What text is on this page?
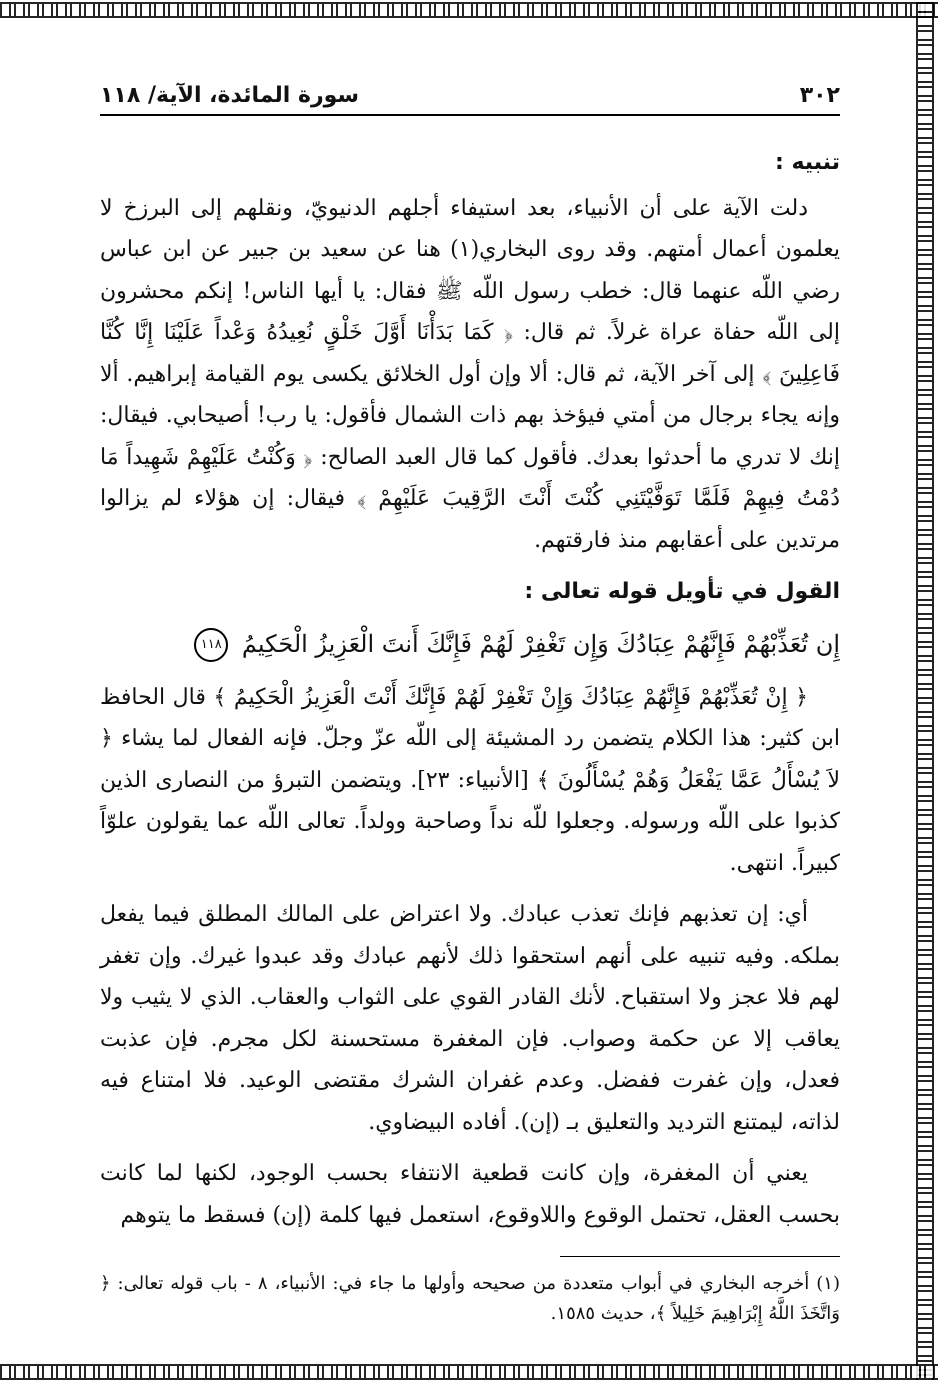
٣٠٢
سورة المائدة، الآية/ ١١٨
تنبيه :

دلت الآية على أن الأنبياء، بعد استيفاء أجلهم الدنيويّ، ونقلهم إلى البرزخ لا يعلمون أعمال أمتهم. وقد روى البخاري(١) هنا عن سعيد بن جبير عن ابن عباس رضي اللّه عنهما قال: خطب رسول اللّه ﷺ فقال: يا أيها الناس! إنكم محشرون إلى اللّه حفاة عراة غرلاً. ثم قال: ﴿ كَمَا بَدَأْنَا أَوَّلَ خَلْقٍ نُعِيدُهُ وَعْداً عَلَيْنَا إِنَّا كُنَّا فَاعِلِينَ ﴾ إلى آخر الآية، ثم قال: ألا وإن أول الخلائق يكسى يوم القيامة إبراهيم. ألا وإنه يجاء برجال من أمتي فيؤخذ بهم ذات الشمال فأقول: يا رب! أصيحابي. فيقال: إنك لا تدري ما أحدثوا بعدك. فأقول كما قال العبد الصالح: ﴿ وَكُنْتُ عَلَيْهِمْ شَهِيداً مَا دُمْتُ فِيهِمْ فَلَمَّا تَوَفَّيْتَنِي كُنْتَ أَنْتَ الرَّقِيبَ عَلَيْهِمْ ﴾ فيقال: إن هؤلاء لم يزالوا مرتدين على أعقابهم منذ فارقتهم.

القول في تأويل قوله تعالى :
إِن تُعَذِّبْهُمْ فَإِنَّهُمْ عِبَادُكَ وَإِن تَغْفِرْ لَهُمْ فَإِنَّكَ أَنتَ الْعَزِيزُ الْحَكِيمُ ١١٨

﴿ إِنْ تُعَذِّبْهُمْ فَإِنَّهُمْ عِبَادُكَ وَإِنْ تَغْفِرْ لَهُمْ فَإِنَّكَ أَنْتَ الْعَزِيزُ الْحَكِيمُ ﴾ قال الحافظ ابن كثير: هذا الكلام يتضمن رد المشيئة إلى اللّه عزّ وجلّ. فإنه الفعال لما يشاء ﴿ لاَ يُسْأَلُ عَمَّا يَفْعَلُ وَهُمْ يُسْأَلُونَ ﴾ [الأنبياء: ٢٣]. ويتضمن التبرؤ من النصارى الذين كذبوا على اللّه ورسوله. وجعلوا للّه نداً وصاحبة وولداً. تعالى اللّه عما يقولون علوّاً كبيراً. انتهى.

أي: إن تعذبهم فإنك تعذب عبادك. ولا اعتراض على المالك المطلق فيما يفعل بملكه. وفيه تنبيه على أنهم استحقوا ذلك لأنهم عبادك وقد عبدوا غيرك. وإن تغفر لهم فلا عجز ولا استقباح. لأنك القادر القوي على الثواب والعقاب. الذي لا يثيب ولا يعاقب إلا عن حكمة وصواب. فإن المغفرة مستحسنة لكل مجرم. فإن عذبت فعدل، وإن غفرت ففضل. وعدم غفران الشرك مقتضى الوعيد. فلا امتناع فيه لذاته، ليمتنع الترديد والتعليق بـ (إن). أفاده البيضاوي.

يعني أن المغفرة، وإن كانت قطعية الانتفاء بحسب الوجود، لكنها لما كانت بحسب العقل، تحتمل الوقوع واللاوقوع، استعمل فيها كلمة (إن) فسقط ما يتوهم

(١) أخرجه البخاري في أبواب متعددة من صحيحه وأولها ما جاء في: الأنبياء، ٨ - باب قوله تعالى: ﴿ وَاتَّخَذَ اللَّهُ إِبْرَاهِيمَ خَلِيلاً ﴾، حديث ١٥٨٥.
